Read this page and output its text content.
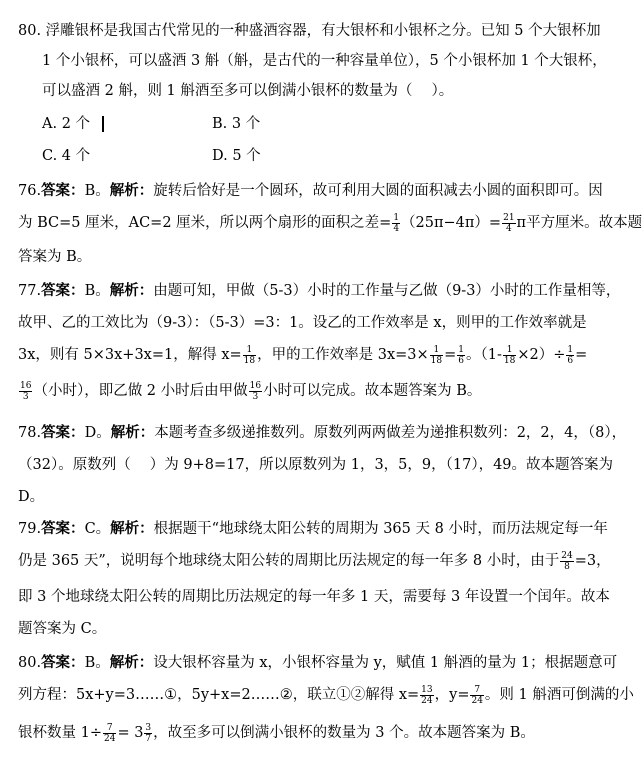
80. 浮雕银杯是我国古代常见的一种盛酒容器，有大银杯和小银杯之分。已知 5 个大银杯加
1 个小银杯，可以盛酒 3 斛（斛，是古代的一种容量单位），5 个小银杯加 1 个大银杯，
可以盛酒 2 斛，则 1 斛酒至多可以倒满小银杯的数量为（　 ）。
A. 2 个	B. 3 个
C. 4 个	D. 5 个
76.答案：B。解析：旋转后恰好是一个圆环，故可利用大圆的面积减去小圆的面积即可。因
为 BC=5 厘米，AC=2 厘米，所以两个扇形的面积之差= $\frac{1}{4} (25\pi-4\pi)= \frac{21}{4}$ π平方厘米。故本题
答案为 B。
77.答案：B。解析：由题可知，甲做（5-3）小时的工作量与乙做（9-3）小时的工作量相等，
故甲、乙的工效比为（9-3）：（5-3）=3：1。设乙的工作效率是 x，则甲的工作效率就是
3x，则有 5×3x+3x=1，解得 $x= \frac{1}{18}$ ，甲的工作效率是 $3x=3\times \frac{1}{18} = \frac{1}{6}$ 。$(1- \frac{1}{18} \times 2)\div \frac{1}{6}$ =
$\frac{16}{3}$ （小时），即乙做 2 小时后由甲做 $\frac{16}{3}$ 小时可以完成。故本题答案为 B。
78.答案：D。解析：本题考查多级递推数列。原数列两两做差为递推积数列：2，2，4，（8），
（32）。原数列（　 ）为 9+8=17，所以原数列为 1，3，5，9，（17），49。故本题答案为
D。
79.答案：C。解析：根据题干“地球绕太阳公转的周期为 365 天 8 小时，而历法规定每一年
仍是 365 天”，说明每个地球绕太阳公转的周期比历法规定的每一年多 8 小时，由于 $\frac{24}{8} =3$，
即 3 个地球绕太阳公转的周期比历法规定的每一年多 1 天，需要每 3 年设置一个闰年。故本
题答案为 C。
80.答案：B。解析：设大银杯容量为 x，小银杯容量为 y，赋值 1 斛酒的量为 1；根据题意可
列方程：5x+y=3……①，5y+x=2……②，联立①②解得 $x= \frac{13}{24}$ ，$y= \frac{7}{24}$ 。则 1 斛酒可倒满的小
银杯数量 $1\div \frac{7}{24} = 3 \frac{3}{7}$ ，故至多可以倒满小银杯的数量为 3 个。故本题答案为 B。
